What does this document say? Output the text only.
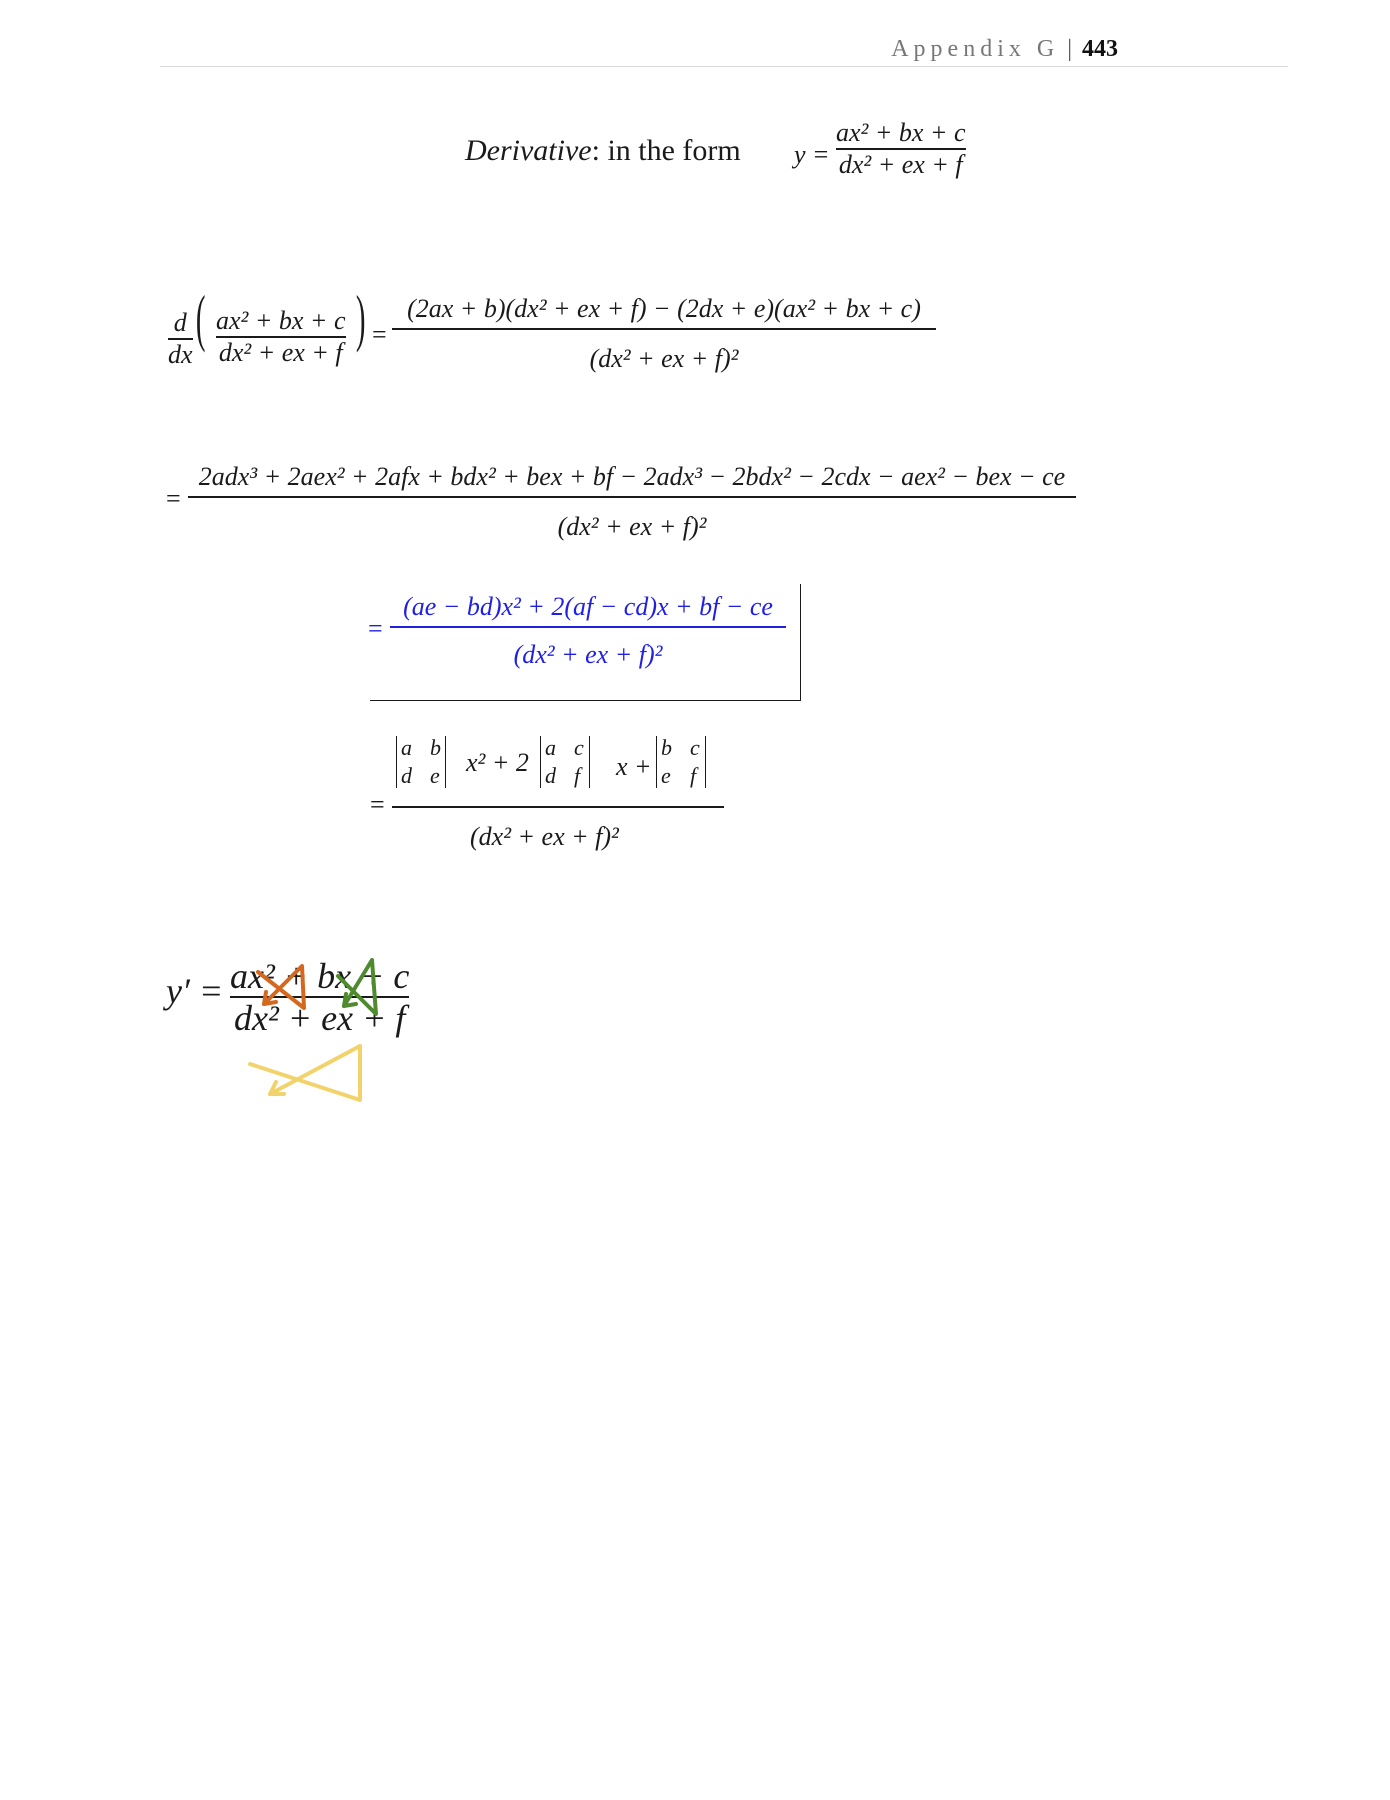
Appendix G | 443
Derivative: in the form y =
ax² + bx + c
dx² + ex + f
d
dx
( ax² + bx + c
dx² + ex + f ) =
(2ax + b)(dx² + ex + f) − (2dx + e)(ax² + bx + c)
(dx² + ex + f)²
=
2adx³ + 2aex² + 2afx + bdx² + bex + bf − 2adx³ − 2bdx² − 2cdx − aex² − bex − ce
(dx² + ex + f)²
=
(ae − bd)x² + 2(af − cd)x + bf − ce
(dx² + ex + f)²
=
a b
d e x² + 2
a c
d f x +
b c
e f
(dx² + ex + f)²
y′ = ax² + bx + c
dx² + ex + f
